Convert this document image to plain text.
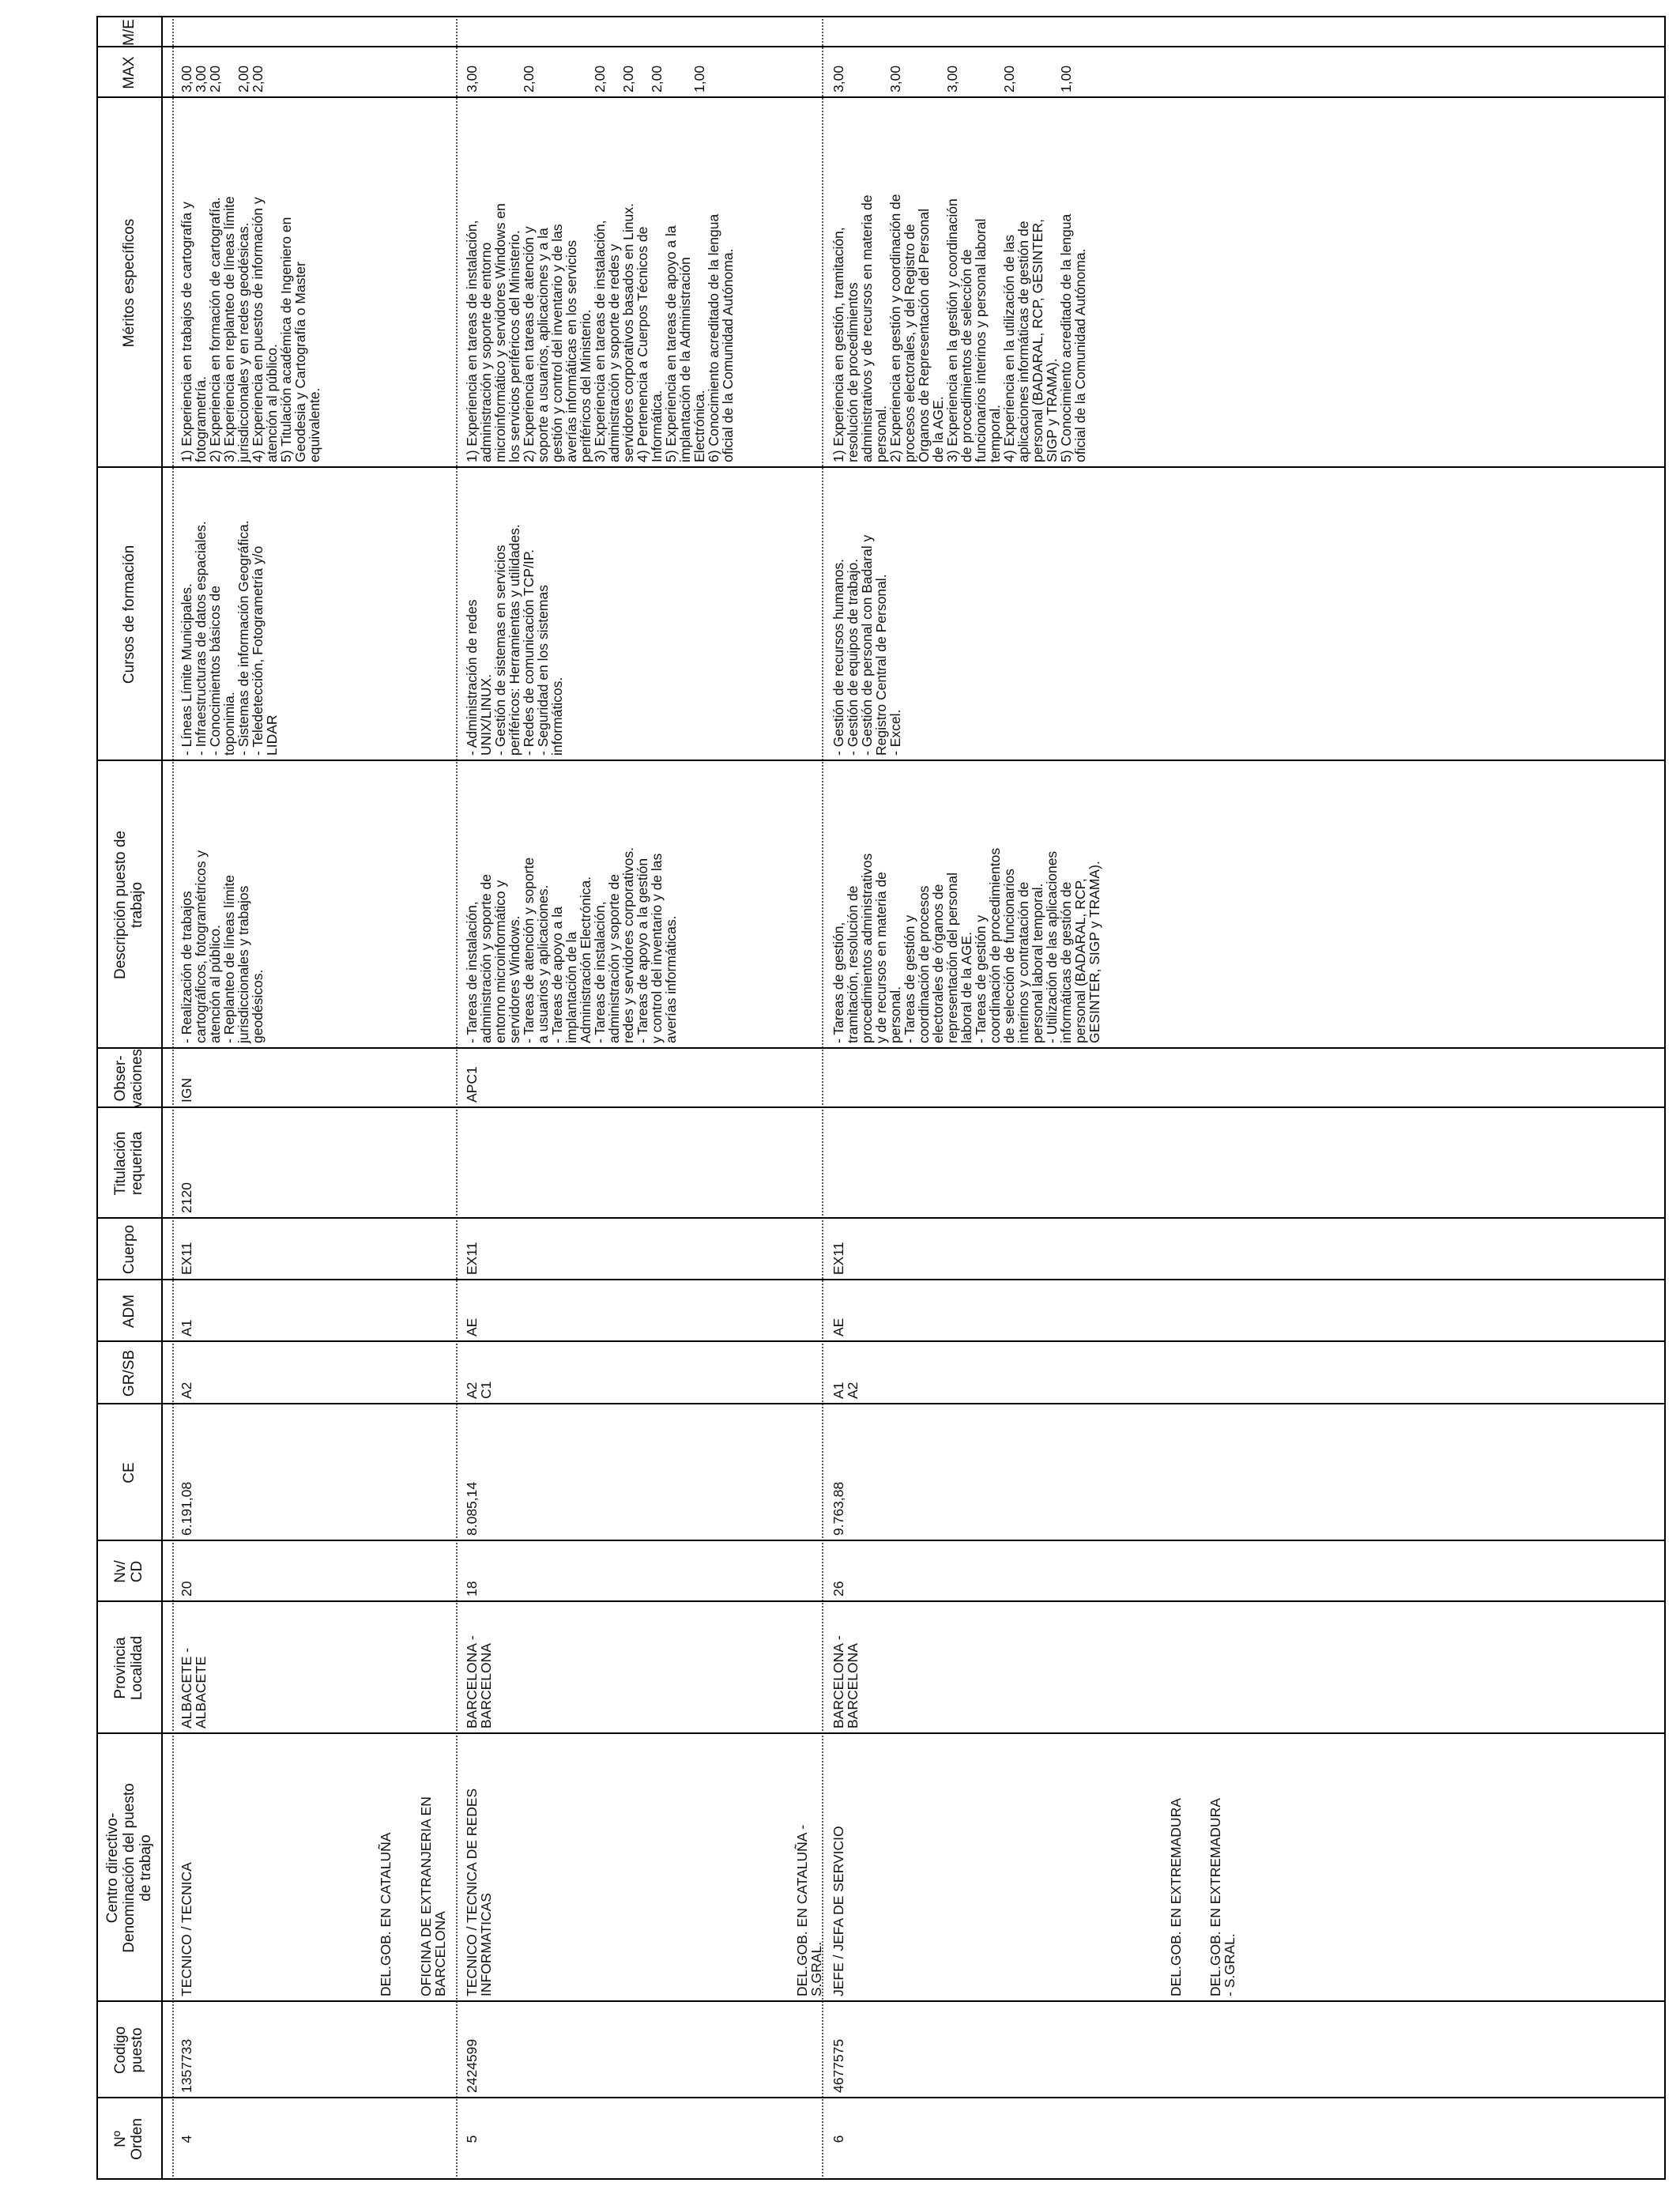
Nº
Orden
Codigo
puesto
Centro directivo-
Denominación del puesto
de trabajo
Provincia
Localidad
Nv/
CD
CE
GR/SB
ADM
Cuerpo
Titulación
requerida
Obser-
vaciones
Descripción puesto de
trabajo
Cursos de formación
Méritos específicos
MAX
M/E
DEL.GOB. EN CATALUÑA OFICINA DE EXTRANJERIA EN
BARCELONA	DEL.GOB. EN CATALUÑA -
S.GRAL.	DEL.GOB. EN EXTREMADURA DEL.GOB. EN EXTREMADURA
- S.GRAL.
4
1357733
TECNICO / TECNICA
ALBACETE -
ALBACETE
20
6.191,08
A2
A1
EX11
2120
IGN
- Realización de trabajos
cartográficos, fotogramétricos y
atención al público.
- Replanteo de líneas límite
jurisdiccionales y trabajos
geodésicos.
- Líneas Límite Municipales.
- Infraestructuras de datos espaciales.
- Conocimientos básicos de
toponimia.
- Sistemas de información Geográfica.
- Teledetección, Fotogrametría y/o
LIDAR
1) Experiencia en trabajos de cartografía y
fotogrametría.
2) Experiencia en formación de cartografía.
3) Experiencia en replanteo de líneas límite
jurisdiccionales y en redes geodésicas.
4) Experiencia en puestos de información y
atención al público.
5) Titulación académica de Ingeniero en
Geodesia y Cartografía o Master
equivalente.
3,00
3,00
2,00

2,00
2,00
5
2424599
TECNICO / TECNICA DE REDES
INFORMATICAS
BARCELONA -
BARCELONA
18
8.085,14
A2
C1
AE
EX11
APC1
- Tareas de instalación,
administración y soporte de
entorno microinformático y
servidores Windows.
- Tareas de atención y soporte
a usuarios y aplicaciones.
- Tareas de apoyo a la
implantación de la
Administración Electrónica.
- Tareas de instalación,
administración y soporte de
redes y servidores corporativos.
- Tareas de apoyo a la gestión
y control del inventario y de las
averías informáticas.
- Administración de redes
UNIX/LINUX.
- Gestión de sistemas en servicios
periféricos: Herramientas y utilidades.
- Redes de comunicación TCP/IP.
- Seguridad en los sistemas
informáticos.
1) Experiencia en tareas de instalación,
administración y soporte de entorno
microinformático y servidores Windows en
los servicios periféricos del Ministerio.
2) Experiencia en tareas de atención y
soporte a usuarios, aplicaciones y a la
gestión y control del inventario y de las
averías informáticas en los servicios
periféricos del Ministerio.
3) Experiencia en tareas de instalación,
administración y soporte de redes y
servidores corporativos basados en Linux.
4) Pertenencia a Cuerpos Técnicos de
Informática.
5) Experiencia en tareas de apoyo a la
implantación de la Administración
Electrónica.
6) Conocimiento acreditado de la lengua
oficial de la Comunidad Autónoma.
3,00

2,00

2,00

2,00

2,00

1,00
6
4677575
JEFE / JEFA DE SERVICIO
BARCELONA -
BARCELONA
26
9.763,88
A1
A2
AE
EX11
- Tareas de gestión,
tramitación, resolución de
procedimientos administrativos
y de recursos en materia de
personal.
- Tareas de gestión y
coordinación de procesos
electorales de órganos de
representación del personal
laboral de la AGE.
- Tareas de gestión y
coordinación de procedimientos
de selección de funcionarios
interinos y contratación de
personal laboral temporal.
- Utilización de las aplicaciones
informáticas de gestión de
personal (BADARAL, RCP,
GESINTER, SIGP y TRAMA).
- Gestión de recursos humanos.
- Gestión de equipos de trabajo.
- Gestión de personal con Badaral y
Registro Central de Personal.
- Excel.
1) Experiencia en gestión, tramitación,
resolución de procedimientos
administrativos y de recursos en materia de
personal.
2) Experiencia en gestión y coordinación de
procesos electorales, y del Registro de
Órganos de Representación del Personal
de la AGE.
3) Experiencia en la gestión y coordinación
de procedimientos de selección de
funcionarios interinos y personal laboral
temporal.
4) Experiencia en la utilización de las
aplicaciones informáticas de gestión de
personal (BADARAL, RCP, GESINTER,
SIGP y TRAMA).
5) Conocimiento acreditado de la lengua
oficial de la Comunidad Autónoma.
3,00

3,00

3,00

2,00

1,00
